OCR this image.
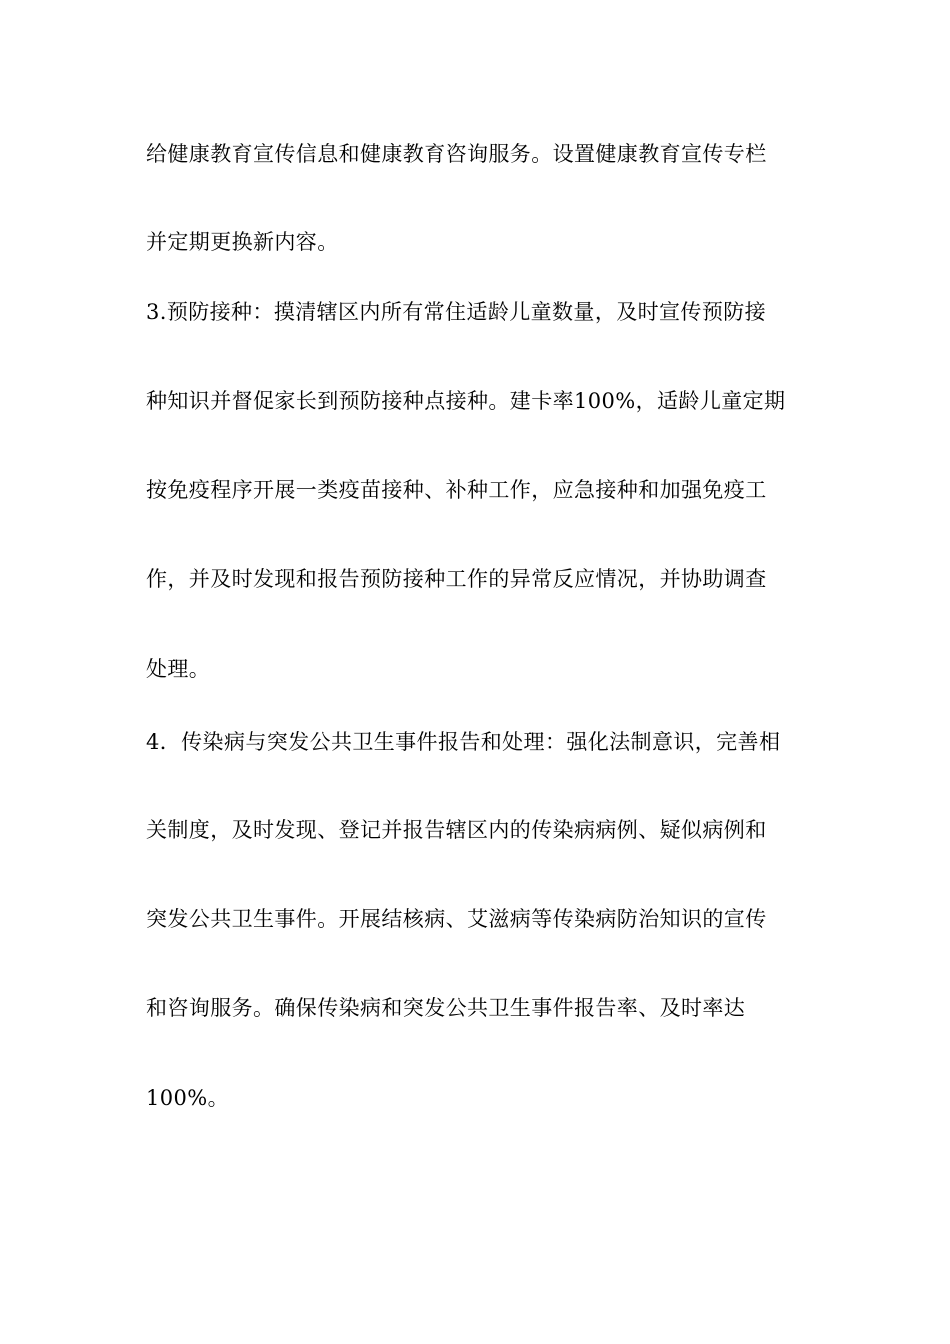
给健康教育宣传信息和健康教育咨询服务。设置健康教育宣传专栏
并定期更换新内容。
3.预防接种：摸清辖区内所有常住适龄儿童数量，及时宣传预防接
种知识并督促家长到预防接种点接种。建卡率100%，适龄儿童定期
按免疫程序开展一类疫苗接种、补种工作，应急接种和加强免疫工
作，并及时发现和报告预防接种工作的异常反应情况，并协助调查
处理。
4．传染病与突发公共卫生事件报告和处理：强化法制意识，完善相
关制度，及时发现、登记并报告辖区内的传染病病例、疑似病例和
突发公共卫生事件。开展结核病、艾滋病等传染病防治知识的宣传
和咨询服务。确保传染病和突发公共卫生事件报告率、及时率达
100%。
